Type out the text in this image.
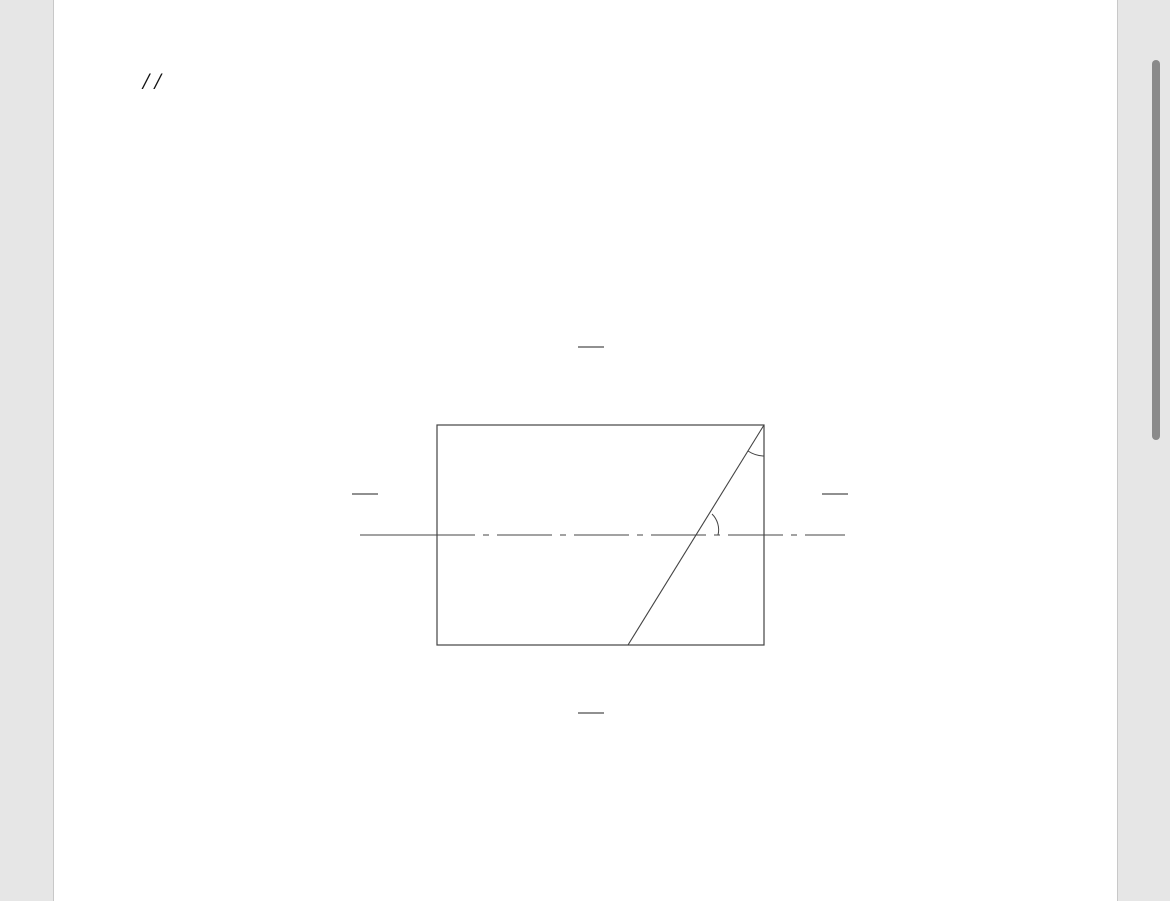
/ /
